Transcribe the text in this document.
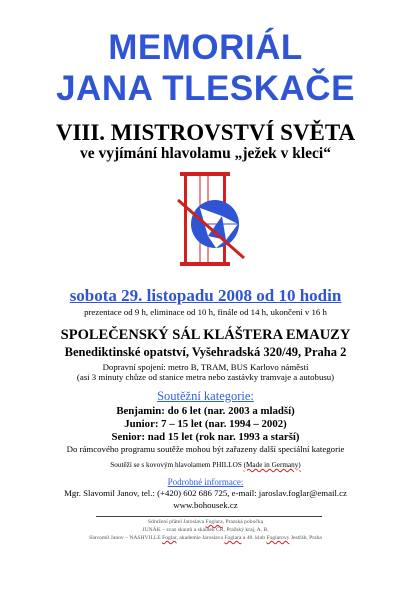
MEMORIÁL
JANA TLESKAČE
VIII. MISTROVSTVÍ SVĚTA
ve vyjímání hlavolamu „ježek v kleci“
sobota 29. listopadu 2008 od 10 hodin
prezentace od 9 h, eliminace od 10 h, finále od 14 h, ukončení v 16 h
SPOLEČENSKÝ SÁL KLÁŠTERA EMAUZY
Benediktinské opatství, Vyšehradská 320/49, Praha 2
Dopravní spojení: metro B, TRAM, BUS Karlovo náměstí
(asi 3 minuty chůze od stanice metra nebo zastávky tramvaje a autobusu)
Soutěžní kategorie:
Benjamin: do 6 let (nar. 2003 a mladší)
Junior: 7 – 15 let (nar. 1994 – 2002)
Senior: nad 15 let (rok nar. 1993 a starší)
Do rámcového programu soutěže mohou být zařazeny další speciální kategorie
Soutěží se s kovovým hlavolamem PHILLOS (Made in Germany)
Podrobné informace:
Mgr. Slavomil Janov, tel.: (+420) 602 686 725, e-mail: jaroslav.foglar@email.cz
www.bohousek.cz
Sdružení přátel Jaroslava Foglara, Prazská pobočka
JUNÁK – svaz skautů a skautek ČR, Pražský kraj, A. B.
Slavomil Janov – NASHVILLE Foglar, akademie Jaroslava Foglara a 48. klub Foglarovy Jestřáb, Praha
